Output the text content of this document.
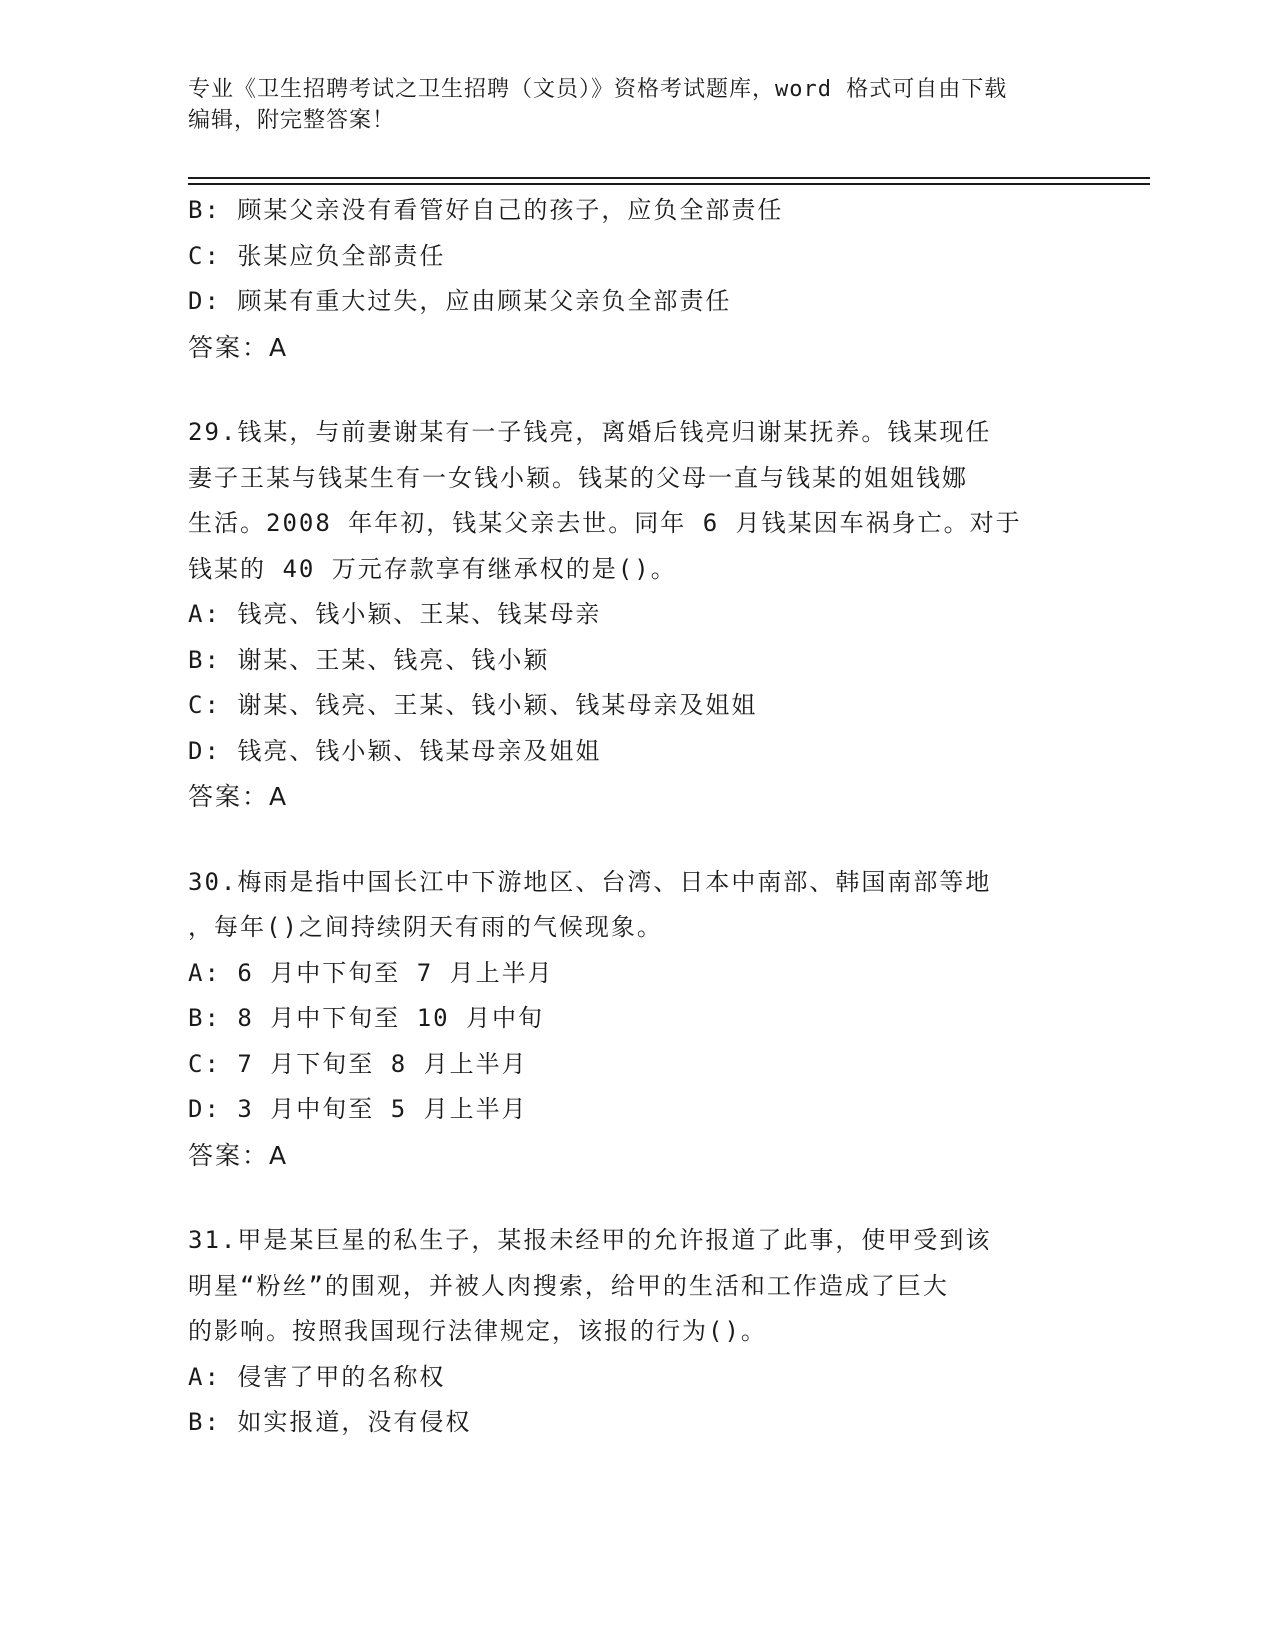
专业《卫生招聘考试之卫生招聘（文员）》资格考试题库，word 格式可自由下载
编辑，附完整答案！
B: 顾某父亲没有看管好自己的孩子，应负全部责任
C: 张某应负全部责任
D: 顾某有重大过失，应由顾某父亲负全部责任
答案：A
29.钱某，与前妻谢某有一子钱亮，离婚后钱亮归谢某抚养。钱某现任
妻子王某与钱某生有一女钱小颖。钱某的父母一直与钱某的姐姐钱娜
生活。2008 年年初，钱某父亲去世。同年 6 月钱某因车祸身亡。对于
钱某的 40 万元存款享有继承权的是()。
A: 钱亮、钱小颖、王某、钱某母亲
B: 谢某、王某、钱亮、钱小颖
C: 谢某、钱亮、王某、钱小颖、钱某母亲及姐姐
D: 钱亮、钱小颖、钱某母亲及姐姐
答案：A
30.梅雨是指中国长江中下游地区、台湾、日本中南部、韩国南部等地
，每年()之间持续阴天有雨的气候现象。
A: 6 月中下旬至 7 月上半月
B: 8 月中下旬至 10 月中旬
C: 7 月下旬至 8 月上半月
D: 3 月中旬至 5 月上半月
答案：A
31.甲是某巨星的私生子，某报未经甲的允许报道了此事，使甲受到该
明星“粉丝”的围观，并被人肉搜索，给甲的生活和工作造成了巨大
的影响。按照我国现行法律规定，该报的行为()。
A: 侵害了甲的名称权
B: 如实报道，没有侵权
